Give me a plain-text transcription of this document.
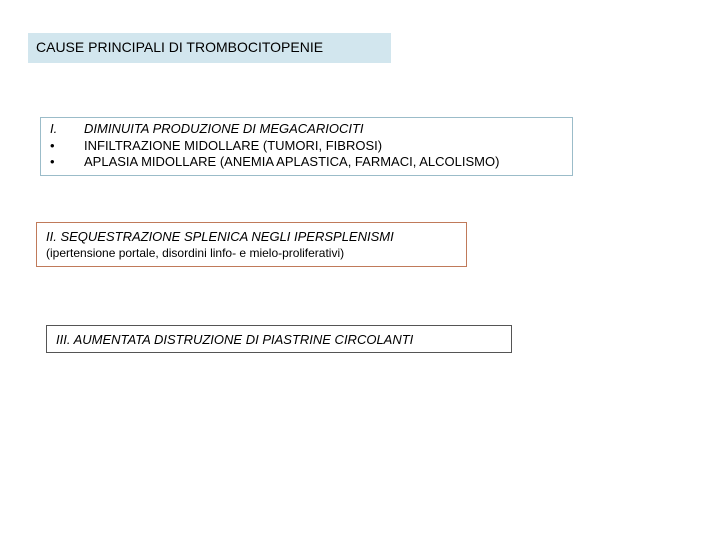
CAUSE PRINCIPALI DI TROMBOCITOPENIE
I.	DIMINUITA PRODUZIONE DI MEGACARIOCITI
•	INFILTRAZIONE MIDOLLARE (TUMORI, FIBROSI)
•	APLASIA MIDOLLARE (ANEMIA APLASTICA, FARMACI, ALCOLISMO)
II. SEQUESTRAZIONE SPLENICA NEGLI IPERSPLENISMI
(ipertensione portale, disordini linfo- e mielo-proliferativi)
III. AUMENTATA DISTRUZIONE DI PIASTRINE CIRCOLANTI
